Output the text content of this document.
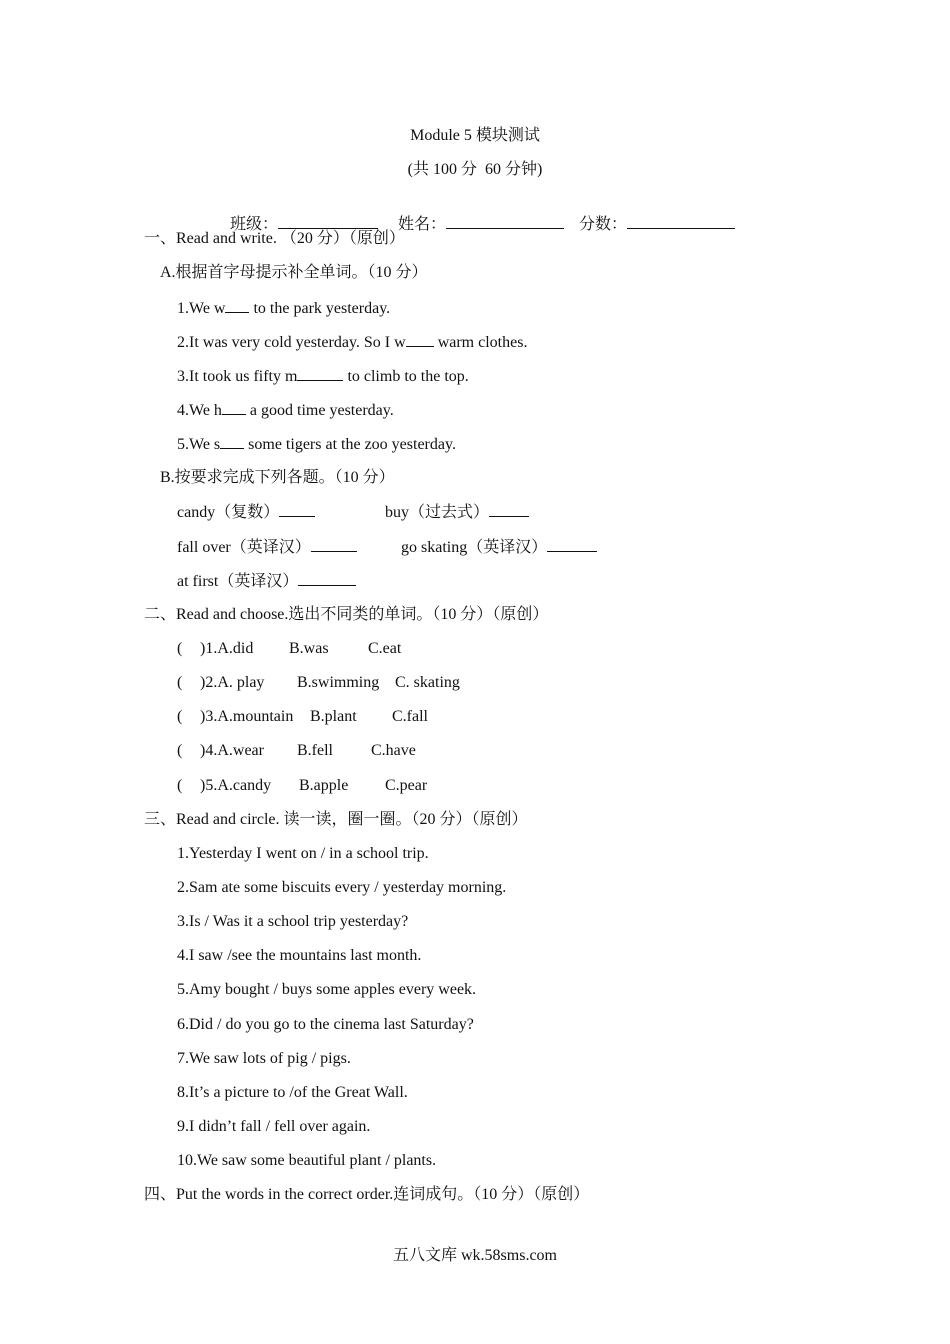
Module 5 模块测试
(共 100 分  60 分钟)

班级：	姓名：	分数：

一、Read and write. （20 分）（原创）
A.根据首字母提示补全单词。（10 分）
1.We w to the park yesterday.
2.It was very cold yesterday. So I w warm clothes.
3.It took us fifty m	to climb to the top.
4.We h a good time yesterday.
5.We s some tigers at the zoo yesterday.
B.按要求完成下列各题。（10 分）
candy（复数）	buy（过去式）
fall over（英译汉）	go skating（英译汉）
at first（英译汉）
二、Read and choose.选出不同类的单词。（10 分）（原创）
( )1.A.did B.was C.eat
( )2.A. play B.swimming C. skating
( )3.A.mountain B.plant C.fall
( )4.A.wear B.fell C.have
( )5.A.candy B.apple C.pear
三、Read and circle. 读一读，圈一圈。（20 分）（原创）
1.Yesterday I went on / in a school trip.
2.Sam ate some biscuits every / yesterday morning.
3.Is / Was it a school trip yesterday?
4.I saw /see the mountains last month.
5.Amy bought / buys some apples every week.
6.Did / do you go to the cinema last Saturday?
7.We saw lots of pig / pigs.
8.It’s a picture to /of the Great Wall.
9.I didn’t fall / fell over again.
10.We saw some beautiful plant / plants.
四、Put the words in the correct order.连词成句。（10 分）（原创）
五八文库 wk.58sms.com
